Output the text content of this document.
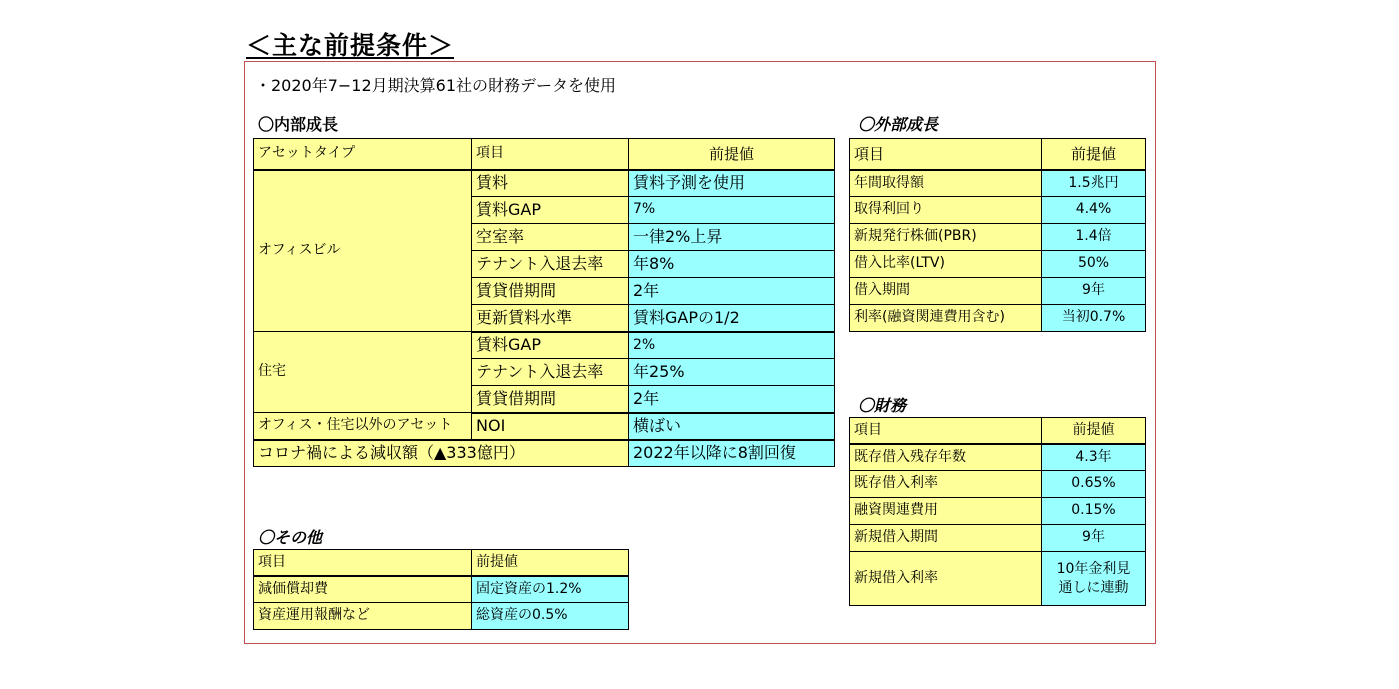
＜主な前提条件＞
・2020年7−12月期決算61社の財務データを使用
〇内部成長
アセットタイプ	項目	前提値
オフィスビル	賃料	賃料予測を使用
	賃料GAP	7%
	空室率	一律2%上昇
	テナント入退去率	年8%
	賃貸借期間	2年
	更新賃料水準	賃料GAPの1/2
住宅	賃料GAP	2%
	テナント入退去率	年25%
	賃貸借期間	2年
オフィス・住宅以外のアセット	NOI	横ばい
コロナ禍による減収額（▲333億円）		2022年以降に8割回復
〇その他
項目	前提値
減価償却費	固定資産の1.2%
資産運用報酬など	総資産の0.5%
〇外部成長
項目	前提値
年間取得額	1.5兆円
取得利回り	4.4%
新規発行株価(PBR)	1.4倍
借入比率(LTV)	50%
借入期間	9年
利率(融資関連費用含む)	当初0.7%
〇財務
項目	前提値
既存借入残存年数	4.3年
既存借入利率	0.65%
融資関連費用	0.15%
新規借入期間	9年
新規借入利率	10年金利見
通しに連動
